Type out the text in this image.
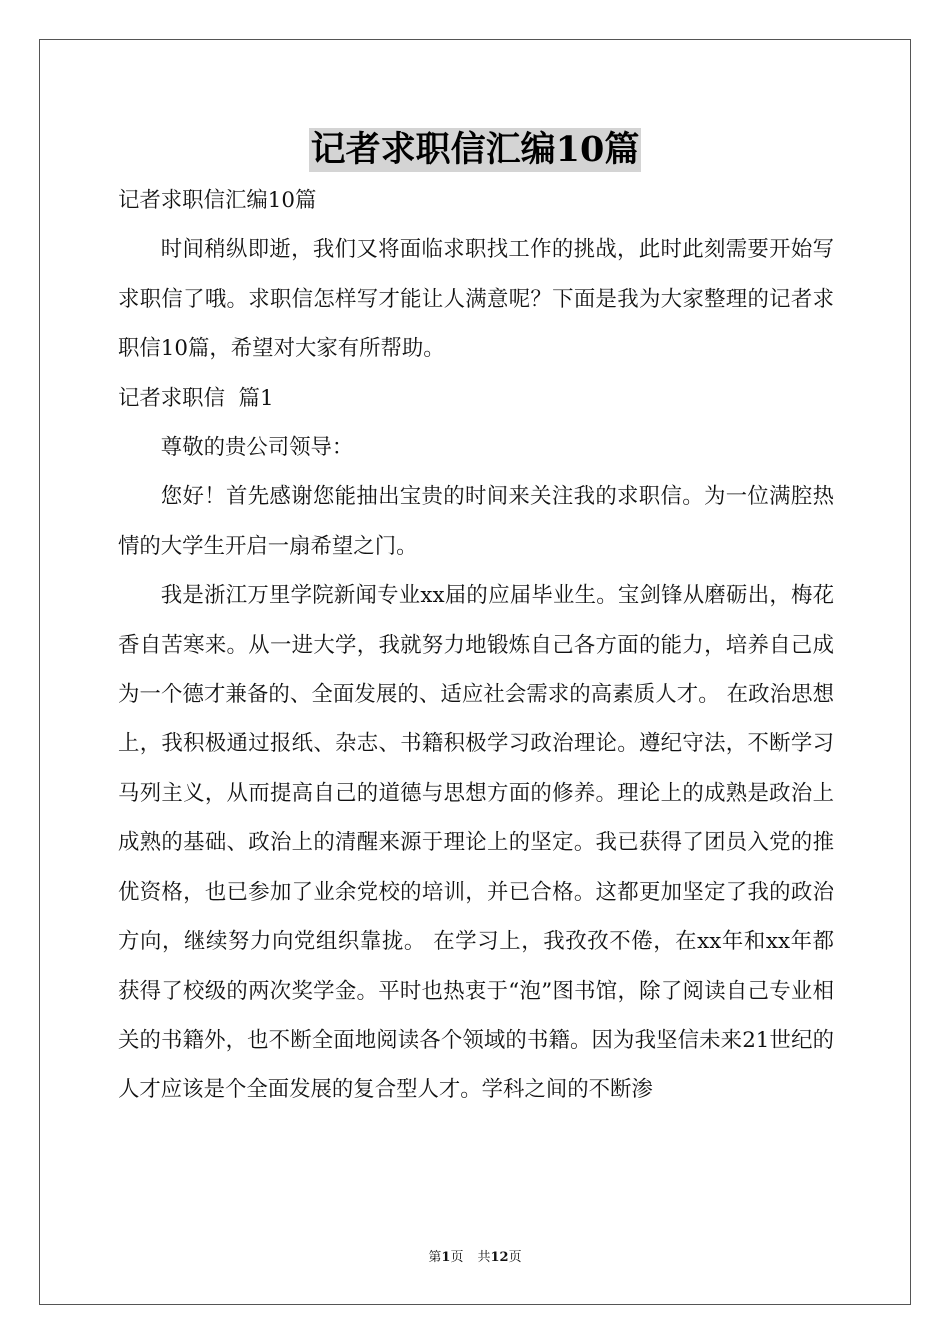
记者求职信汇编10篇

记者求职信汇编10篇

时间稍纵即逝，我们又将面临求职找工作的挑战，此时此刻需要开始写求职信了哦。求职信怎样写才能让人满意呢？下面是我为大家整理的记者求职信10篇，希望对大家有所帮助。

记者求职信  篇1

尊敬的贵公司领导：

您好！首先感谢您能抽出宝贵的时间来关注我的求职信。为一位满腔热情的大学生开启一扇希望之门。

我是浙江万里学院新闻专业xx届的应届毕业生。宝剑锋从磨砺出，梅花香自苦寒来。从一进大学，我就努力地锻炼自己各方面的能力，培养自己成为一个德才兼备的、全面发展的、适应社会需求的高素质人才。 在政治思想上，我积极通过报纸、杂志、书籍积极学习政治理论。遵纪守法，不断学习马列主义，从而提高自己的道德与思想方面的修养。理论上的成熟是政治上成熟的基础、政治上的清醒来源于理论上的坚定。我已获得了团员入党的推优资格，也已参加了业余党校的培训，并已合格。这都更加坚定了我的政治方向，继续努力向党组织靠拢。 在学习上，我孜孜不倦，在xx年和xx年都获得了校级的两次奖学金。平时也热衷于“泡”图书馆，除了阅读自己专业相关的书籍外，也不断全面地阅读各个领域的书籍。因为我坚信未来21世纪的人才应该是个全面发展的复合型人才。学科之间的不断渗

第1页 共12页
